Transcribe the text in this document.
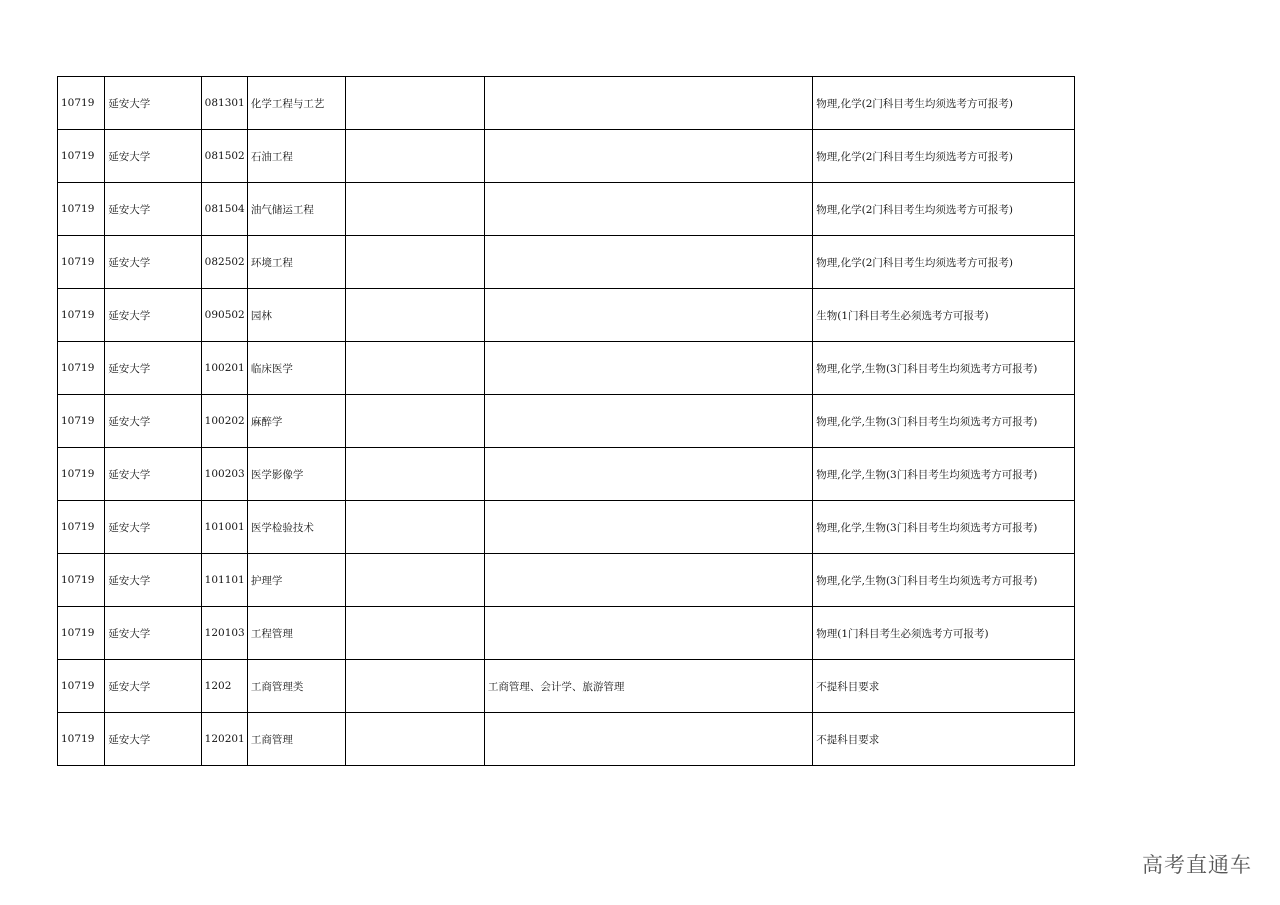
10719	延安大学	081301	化学工程与工艺			物理,化学(2门科目考生均须选考方可报考)
10719	延安大学	081502	石油工程			物理,化学(2门科目考生均须选考方可报考)
10719	延安大学	081504	油气储运工程			物理,化学(2门科目考生均须选考方可报考)
10719	延安大学	082502	环境工程			物理,化学(2门科目考生均须选考方可报考)
10719	延安大学	090502	园林			生物(1门科目考生必须选考方可报考)
10719	延安大学	100201	临床医学			物理,化学,生物(3门科目考生均须选考方可报考)
10719	延安大学	100202	麻醉学			物理,化学,生物(3门科目考生均须选考方可报考)
10719	延安大学	100203	医学影像学			物理,化学,生物(3门科目考生均须选考方可报考)
10719	延安大学	101001	医学检验技术			物理,化学,生物(3门科目考生均须选考方可报考)
10719	延安大学	101101	护理学			物理,化学,生物(3门科目考生均须选考方可报考)
10719	延安大学	120103	工程管理			物理(1门科目考生必须选考方可报考)
10719	延安大学	1202	工商管理类		工商管理、会计学、旅游管理	不提科目要求
10719	延安大学	120201	工商管理			不提科目要求
高考直通车
